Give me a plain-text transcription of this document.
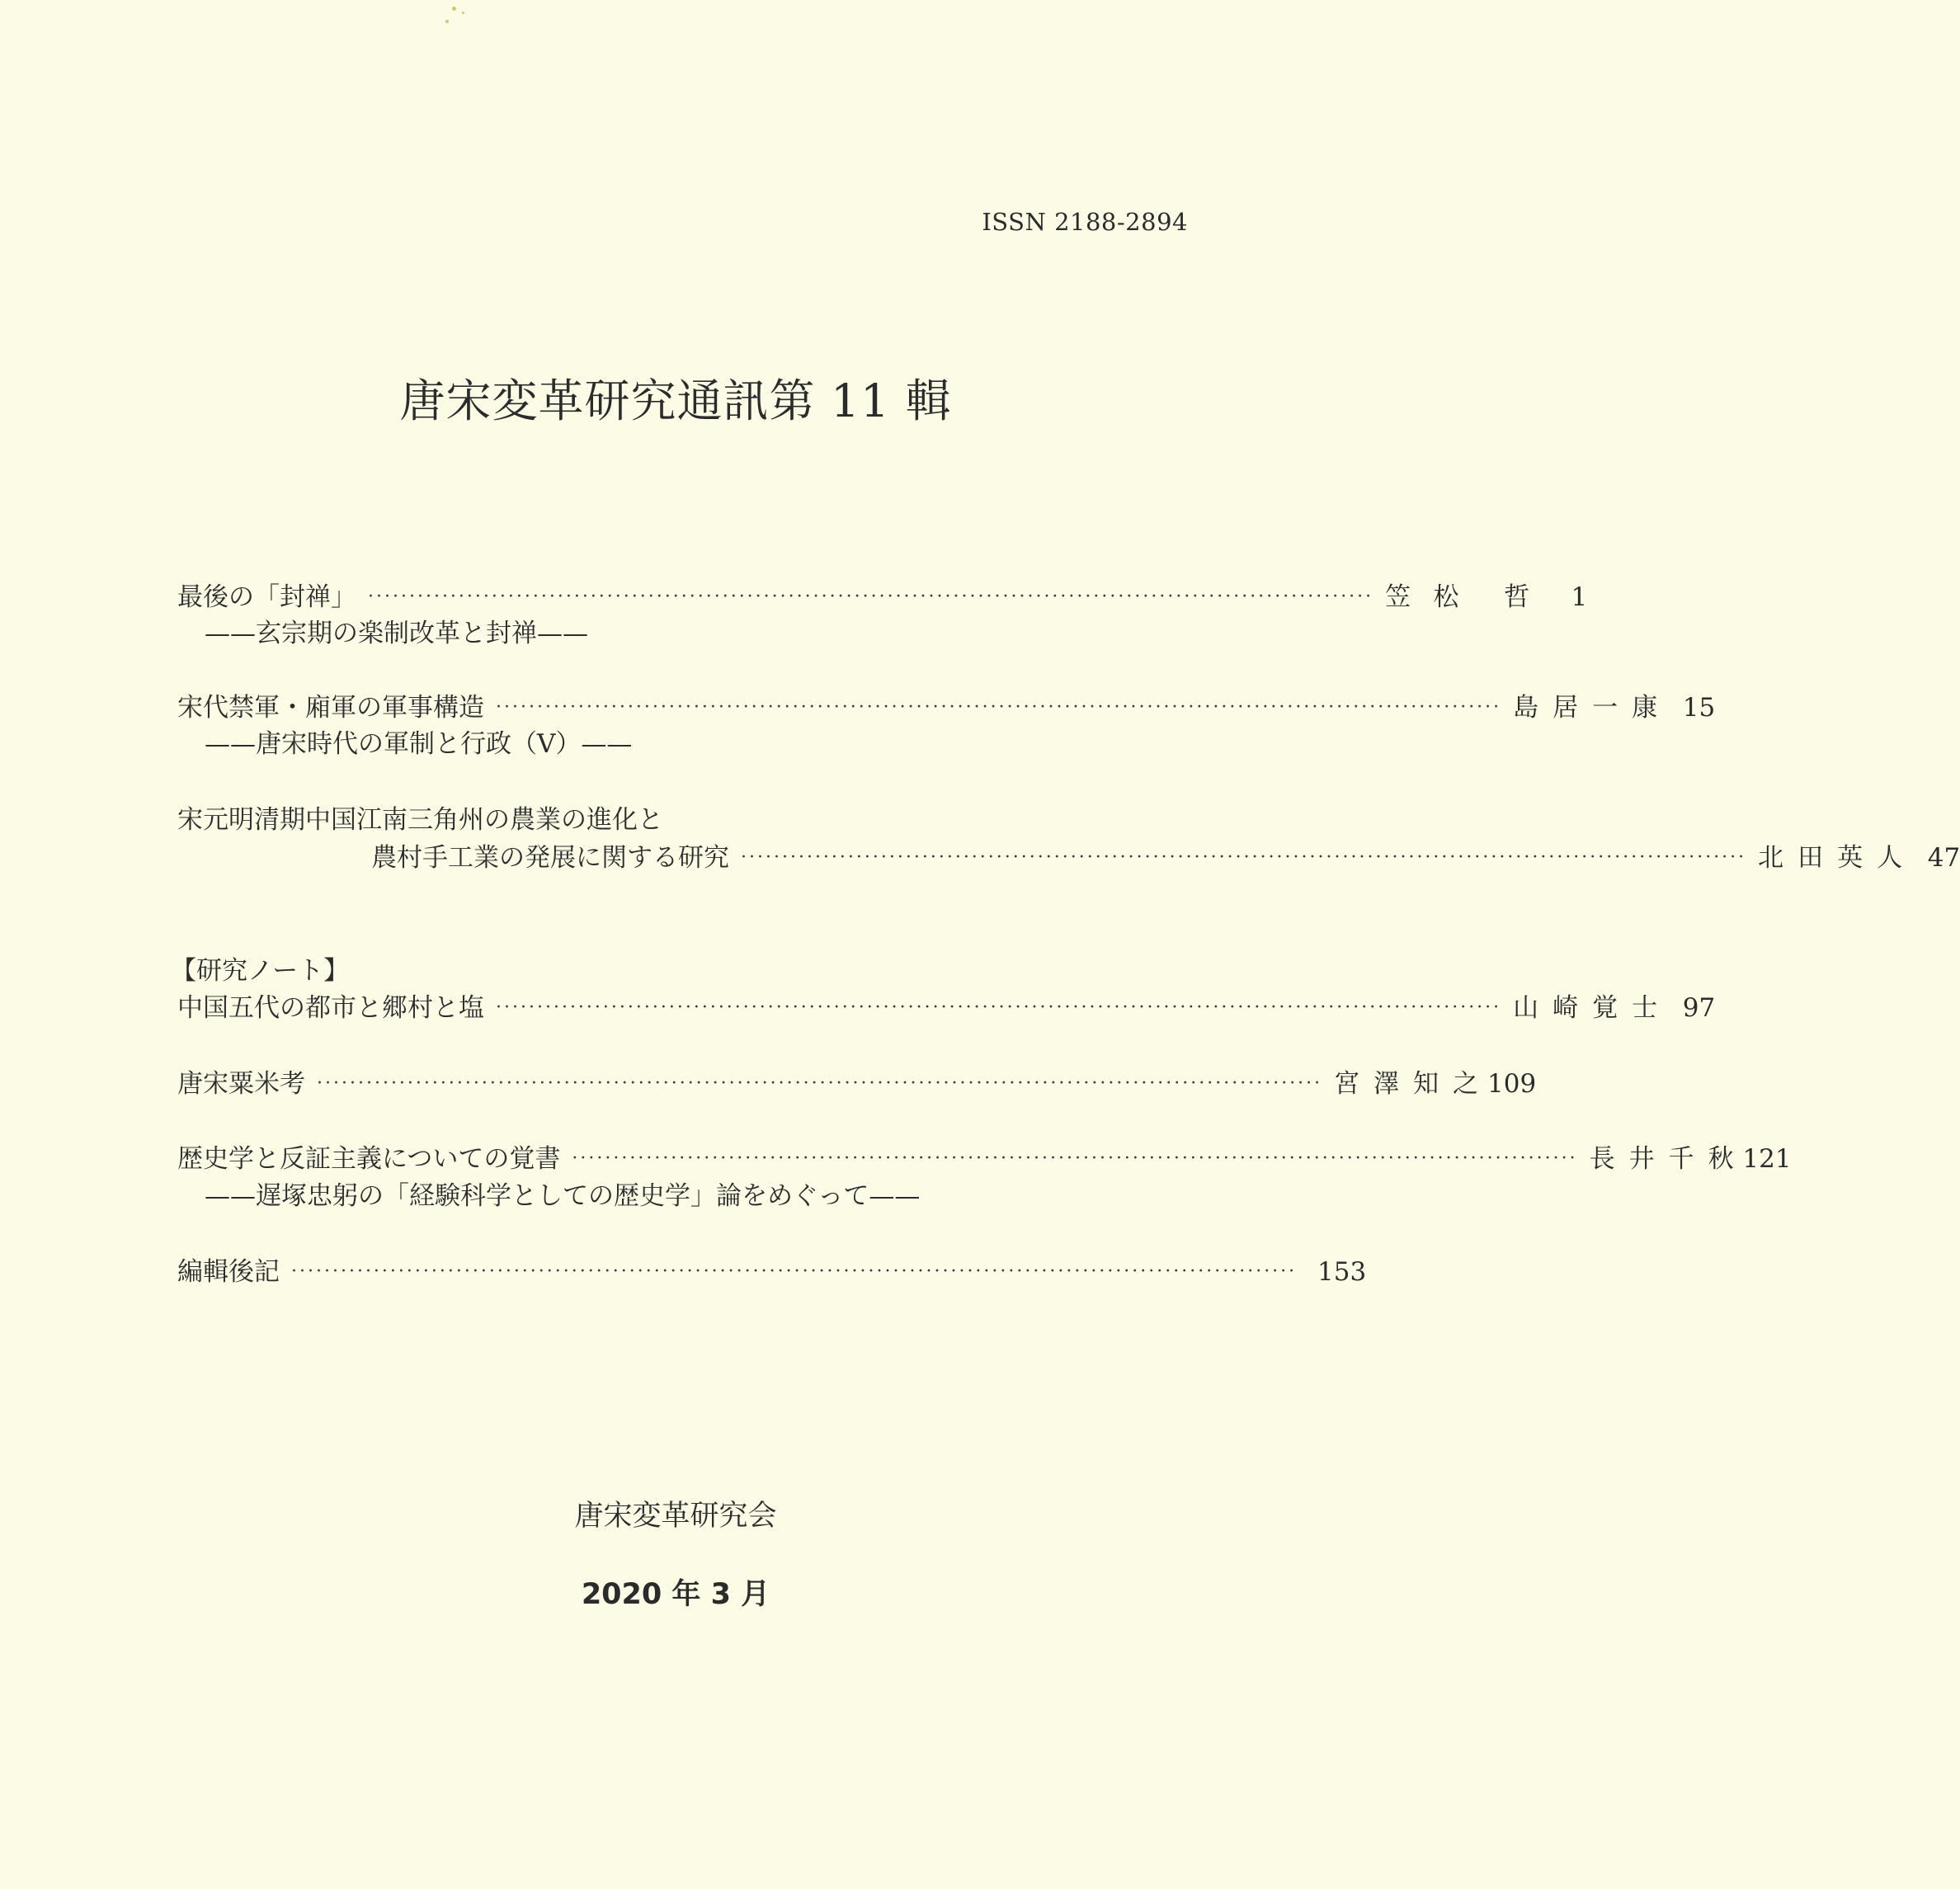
ISSN 2188-2894
唐宋変革研究通訊第 11 輯
最後の「封禅」 ·························································································································· 笠 松 哲	1
——玄宗期の楽制改革と封禅——
宋代禁軍・廂軍の軍事構造 ·························································································································· 島 居 一 康 15
——唐宋時代の軍制と行政（Ⅴ）——
宋元明清期中国江南三角州の農業の進化と
農村手工業の発展に関する研究 ·························································································································· 北 田 英 人 47
【研究ノート】
中国五代の都市と郷村と塩 ·························································································································· 山 崎 覚 士 97
唐宋粟米考 ·························································································································· 宮 澤 知 之 109
歴史学と反証主義についての覚書 ·························································································································· 長 井 千 秋 121
——遅塚忠躬の「経験科学としての歴史学」論をめぐって——
編輯後記 ·························································································································· 153
唐宋変革研究会
2020 年 3 月
